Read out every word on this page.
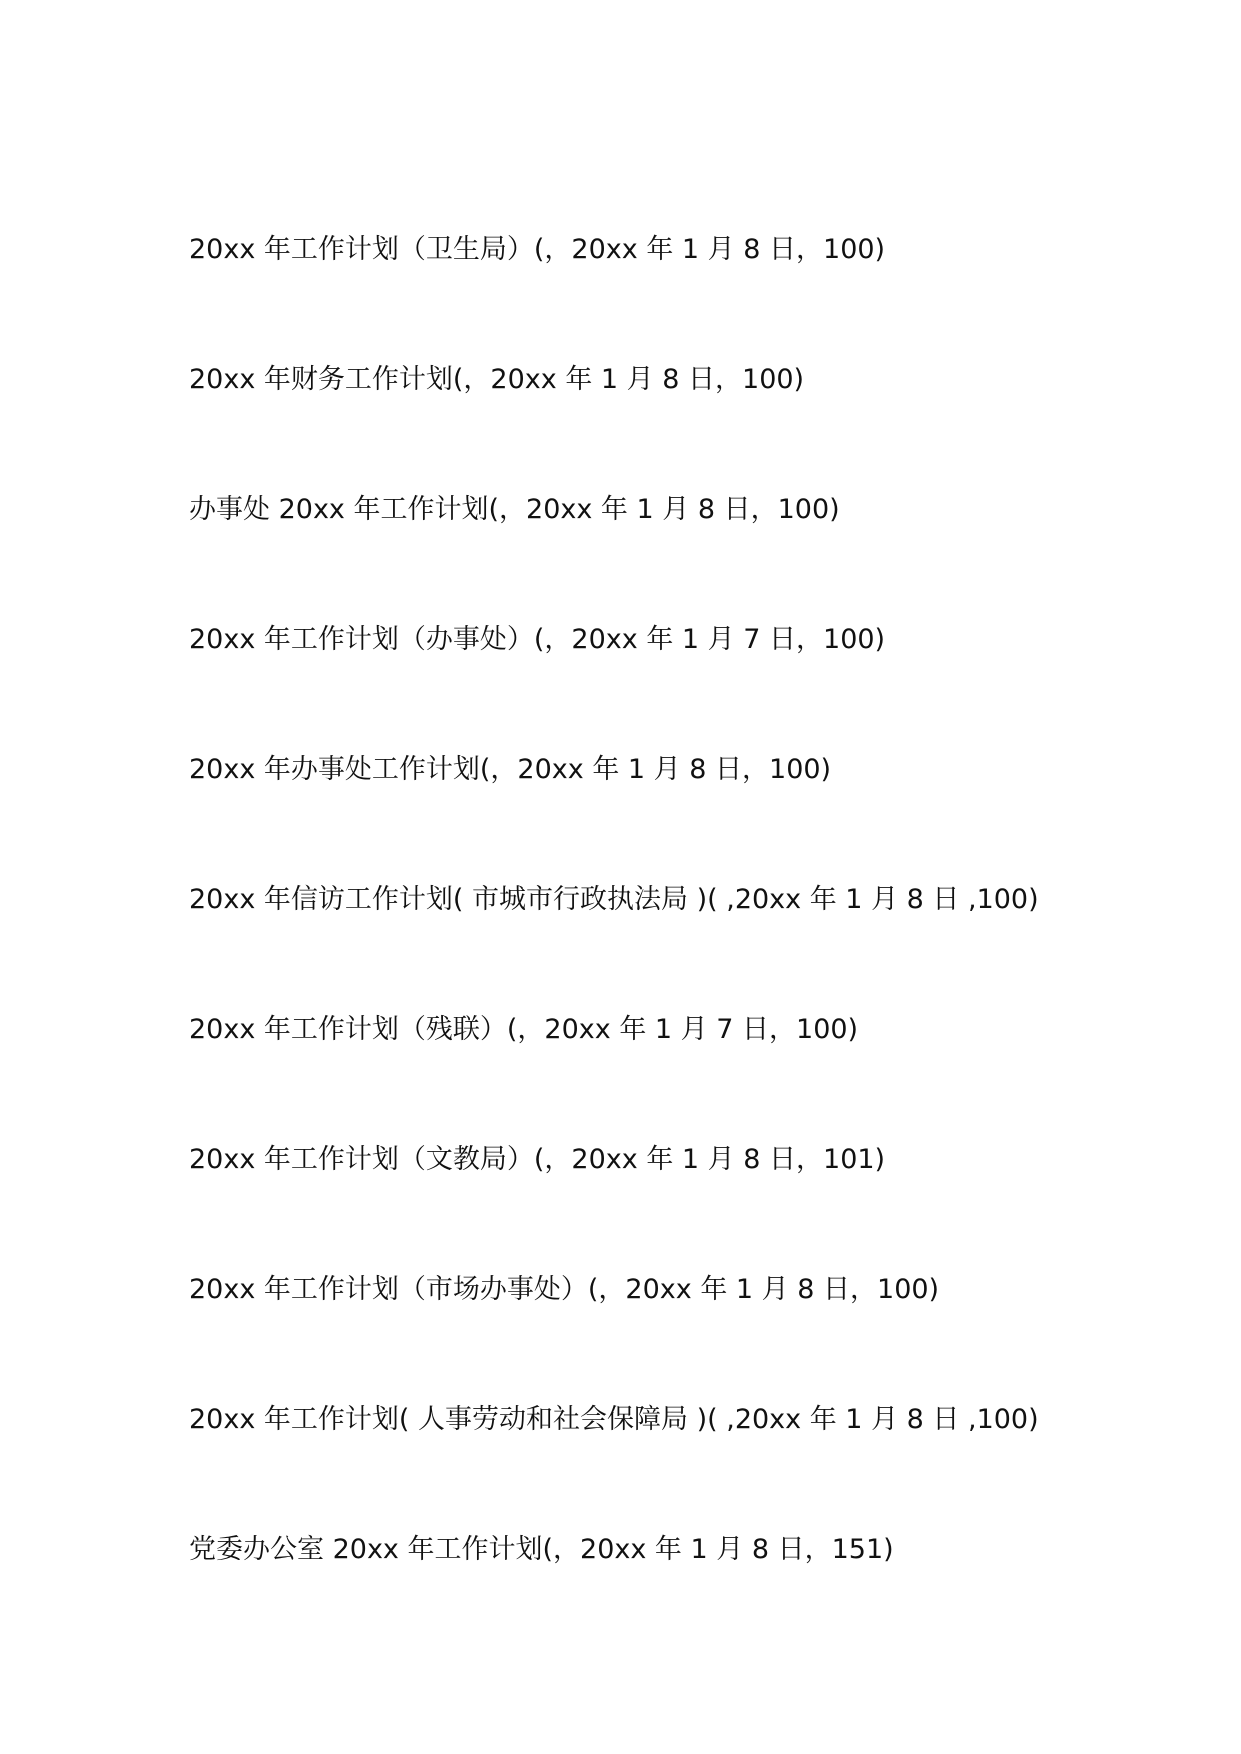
20xx 年工作计划（卫生局）(，20xx 年 1 月 8 日，100)
20xx 年财务工作计划(，20xx 年 1 月 8 日，100)
办事处 20xx 年工作计划(，20xx 年 1 月 8 日，100)
20xx 年工作计划（办事处）(，20xx 年 1 月 7 日，100)
20xx 年办事处工作计划(，20xx 年 1 月 8 日，100)
20xx 年信访工作计划( 市城市行政执法局 )( ,20xx 年 1 月 8 日 ,100)
20xx 年工作计划（残联）(，20xx 年 1 月 7 日，100)
20xx 年工作计划（文教局）(，20xx 年 1 月 8 日，101)
20xx 年工作计划（市场办事处）(，20xx 年 1 月 8 日，100)
20xx 年工作计划( 人事劳动和社会保障局 )( ,20xx 年 1 月 8 日 ,100)
党委办公室 20xx 年工作计划(，20xx 年 1 月 8 日，151)
